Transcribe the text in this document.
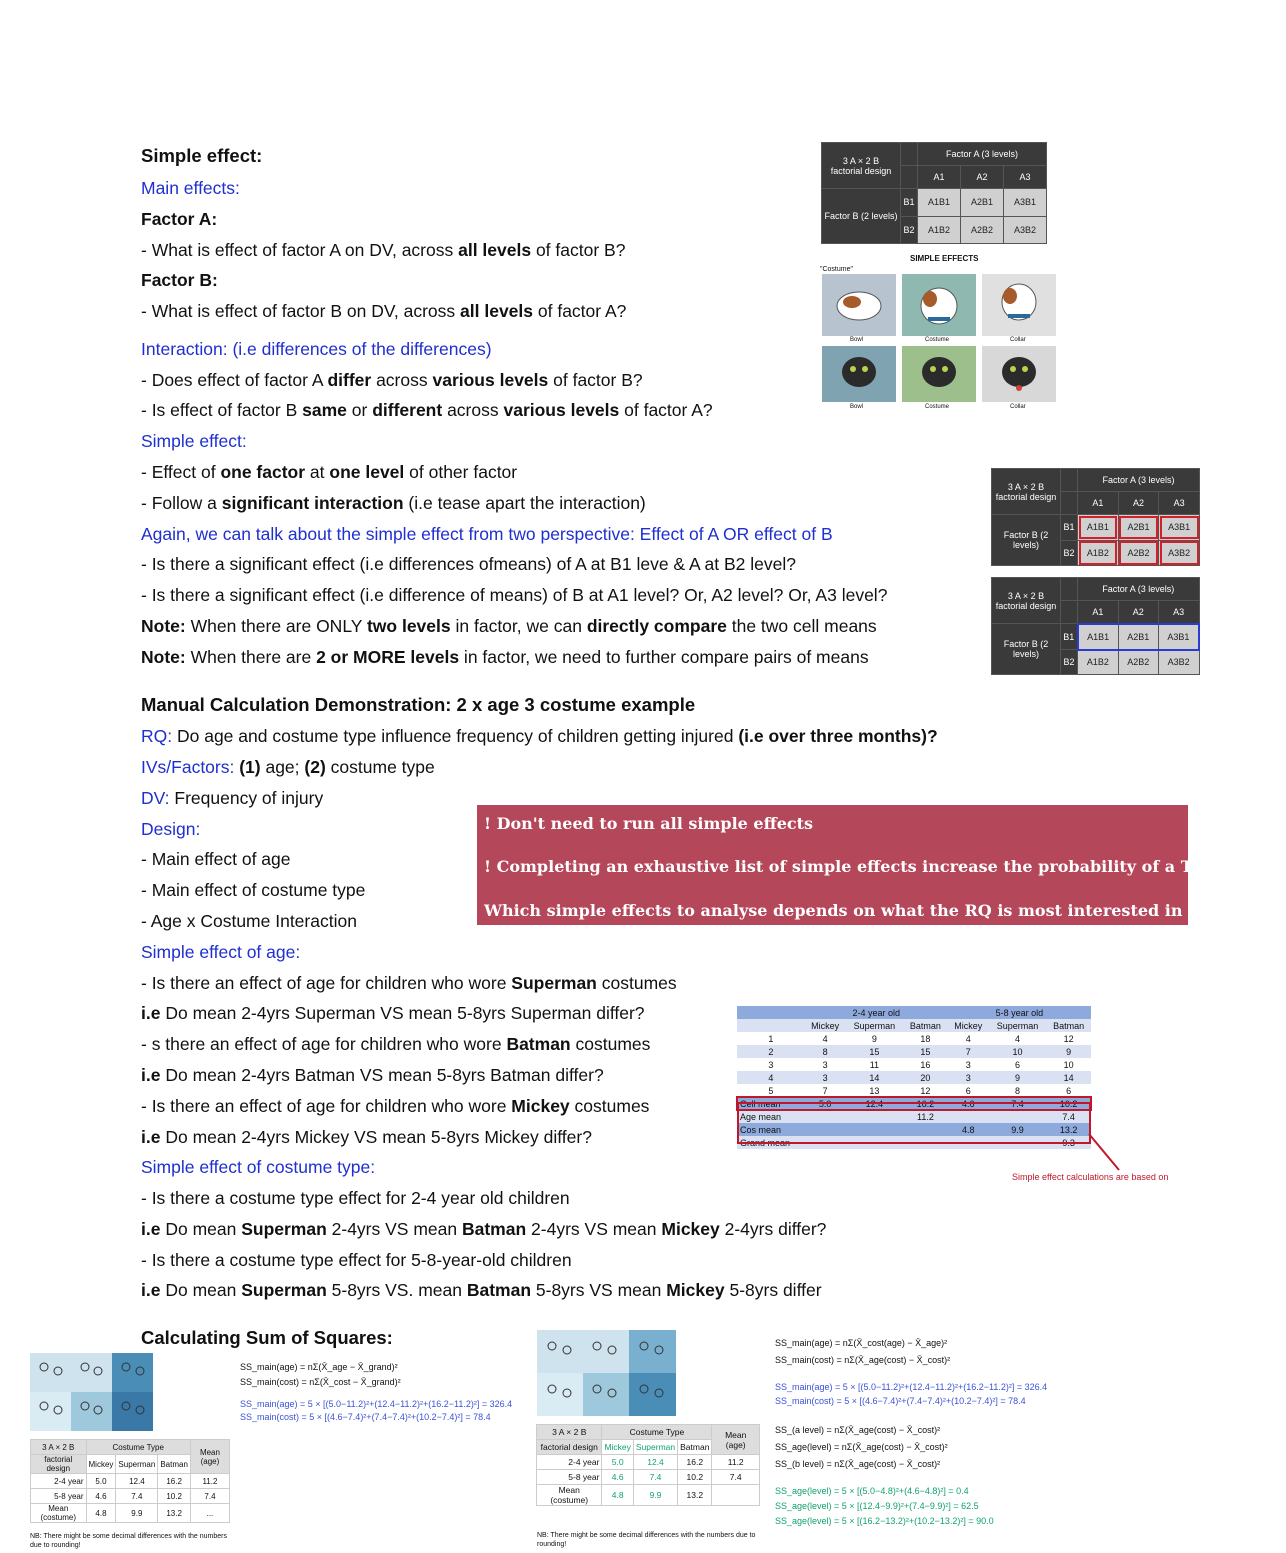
Simple effect:
Main effects:
Factor A:
- What is effect of factor A on DV, across all levels of factor B?
Factor B:
- What is effect of factor B on DV, across all levels of factor A?
Interaction: (i.e differences of the differences)
- Does effect of factor A differ across various levels of factor B?
- Is effect of factor B same or different across various levels of factor A?
Simple effect:
- Effect of one factor at one level of other factor
- Follow a significant interaction (i.e tease apart the interaction)
Again, we can talk about the simple effect from two perspective: Effect of A OR effect of B
- Is there a significant effect (i.e differences ofmeans) of A at B1 leve & A at B2 level?
- Is there a significant effect (i.e difference of means) of B at A1 level? Or, A2 level? Or, A3 level?
Note: When there are ONLY two levels in factor, we can directly compare the two cell means
Note: When there are 2 or MORE levels in factor, we need to further compare pairs of means
3 A × 2 B
factorial design		Factor A (3 levels)		
		A1	A2	A3
Factor B (2 levels)	B1	A1B1	A2B1	A3B1
	B2	A1B2	A2B2	A3B2
SIMPLE EFFECTS
"Costume"
Bowl	Costume	Collar
Bowl	Costume	Collar
3 A × 2 B
factorial design		Factor A (3 levels)		
		A1	A2	A3
Factor B (2 levels)	B1	A1B1	A2B1	A3B1
	B2	A1B2	A2B2	A3B2
3 A × 2 B
factorial design		Factor A (3 levels)		
		A1	A2	A3
Factor B (2 levels)	B1	A1B1	A2B1	A3B1
	B2	A1B2	A2B2	A3B2
Manual Calculation Demonstration: 2 x age 3 costume example
RQ: Do age and costume type influence frequency of children getting injured (i.e over three months)?
IVs/Factors: (1) age; (2) costume type
DV: Frequency of injury
Design:
- Main effect of age
- Main effect of costume type
- Age x Costume Interaction
Simple effect of age:
- Is there an effect of age for children who wore Superman costumes
i.e Do mean 2-4yrs Superman VS mean 5-8yrs Superman differ?
- s there an effect of age for children who wore Batman costumes
i.e Do mean 2-4yrs Batman VS mean 5-8yrs Batman differ?
- Is there an effect of age for children who wore Mickey costumes
i.e Do mean 2-4yrs Mickey VS mean 5-8yrs Mickey differ?
Simple effect of costume type:
- Is there a costume type effect for 2-4 year old children
i.e Do mean Superman 2-4yrs VS mean Batman 2-4yrs VS mean Mickey 2-4yrs differ?
- Is there a costume type effect for 5-8-year-old children
i.e Do mean Superman 5-8yrs VS. mean Batman 5-8yrs VS mean Mickey 5-8yrs differ
! Don't need to run all simple effects
! Completing an exhaustive list of simple effects increase the probability of a Type I error
Which simple effects to analyse depends on what the RQ is most interested in knowing
	2-4 year old			5-8 year old		
	Mickey	Superman	Batman	Mickey	Superman	Batman
1	4	9	18	4	4	12
2	8	15	15	7	10	9
3	3	11	16	3	6	10
4	3	14	20	3	9	14
5	7	13	12	6	8	6
Cell mean	5.0	12.4	16.2	4.6	7.4	10.2
Age mean			11.2			7.4
Cos mean				4.8	9.9	13.2
Grand mean						9.3
Simple effect calculations are based on
Calculating Sum of Squares:
SS_main(age) = nΣ(X̄_age − X̄_grand)²
SS_main(cost) = nΣ(X̄_cost − X̄_grand)²
SS_main(age) = 5 × [(5.0−11.2)²+(12.4−11.2)²+(16.2−11.2)²] = 326.4
SS_main(cost) = 5 × [(4.6−7.4)²+(7.4−7.4)²+(10.2−7.4)²] = 78.4
3 A × 2 B	Costume Type			Mean (age)
factorial design	Mickey	Superman	Batman	
2-4 year	5.0	12.4	16.2	11.2
5-8 year	4.6	7.4	10.2	7.4
Mean (costume)	4.8	9.9	13.2	...
NB: There might be some decimal differences with the numbers due to rounding!
3 A × 2 B	Costume Type			Mean (age)
factorial design	Mickey	Superman	Batman	
2-4 year	5.0	12.4	16.2	11.2
5-8 year	4.6	7.4	10.2	7.4
Mean (costume)	4.8	9.9	13.2	
NB: There might be some decimal differences with the numbers due to rounding!
SS_main(age) = nΣ(X̄_cost(age) − X̄_age)²
SS_main(cost) = nΣ(X̄_age(cost) − X̄_cost)²
SS_main(age) = 5 × [(5.0−11.2)²+(12.4−11.2)²+(16.2−11.2)²] = 326.4
SS_main(cost) = 5 × [(4.6−7.4)²+(7.4−7.4)²+(10.2−7.4)²] = 78.4
SS_(a level) = nΣ(X̄_age(cost) − X̄_cost)²
SS_age(level) = nΣ(X̄_age(cost) − X̄_cost)²
SS_(b level) = nΣ(X̄_age(cost) − X̄_cost)²
SS_age(level) = 5 × [(5.0−4.8)²+(4.6−4.8)²] = 0.4
SS_age(level) = 5 × [(12.4−9.9)²+(7.4−9.9)²] = 62.5
SS_age(level) = 5 × [(16.2−13.2)²+(10.2−13.2)²] = 90.0
